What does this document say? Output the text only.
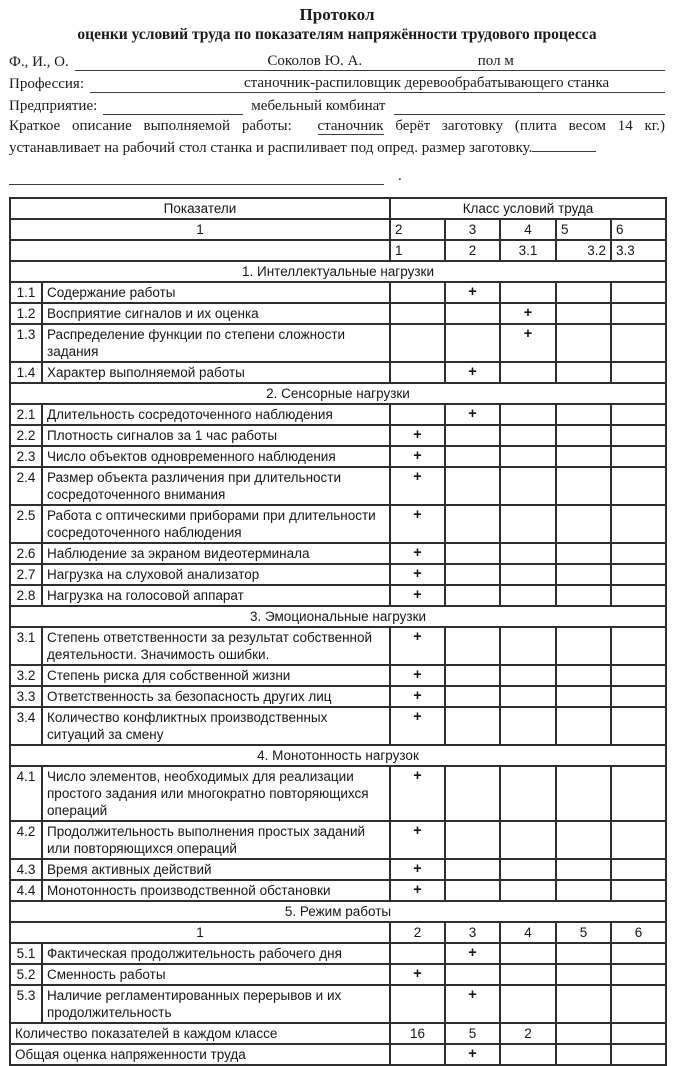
Протокол
оценки условий труда по показателям напряжённости трудового процесса
Ф., И., О.	Соколов Ю. А.	пол м
Профессия:	станочник-распиловщик деревообрабатывающего станка
Предприятие:	мебельный комбинат

Краткое описание выполняемой работы: станочник берёт заготовку (плита весом 14 кг.) устанавливает на рабочий стол станка и распиливает под опред. размер заготовку.

.
Показатели		Класс условий труда				
1		2	3	4	5	6
		1	2	3.1	3.2	3.3
1. Интеллектуальные нагрузки						
1.1	Содержание работы		+			
1.2	Восприятие сигналов и их оценка			+		
1.3	Распределение функции по степени сложности задания			+		
1.4	Характер выполняемой работы		+			
2. Сенсорные нагрузки						
2.1	Длительность сосредоточенного наблюдения		+			
2.2	Плотность сигналов за 1 час работы	+				
2.3	Число объектов одновременного наблюдения	+				
2.4	Размер объекта различения при длительности сосредоточенного внимания	+				
2.5	Работа с оптическими приборами при длительности сосредоточенного наблюдения	+				
2.6	Наблюдение за экраном видеотерминала	+				
2.7	Нагрузка на слуховой анализатор	+				
2.8	Нагрузка на голосовой аппарат	+				
3. Эмоциональные нагрузки						
3.1	Степень ответственности за результат собственной деятельности. Значимость ошибки.	+				
3.2	Степень риска для собственной жизни	+				
3.3	Ответственность за безопасность других лиц	+				
3.4	Количество конфликтных производственных ситуаций за смену	+				
4. Монотонность нагрузок						
4.1	Число элементов, необходимых для реализации простого задания или многократно повторяющихся операций	+				
4.2	Продолжительность выполнения простых заданий или повторяющихся операций	+				
4.3	Время активных действий	+				
4.4	Монотонность производственной обстановки	+				
5. Режим работы						
1		2	3	4	5	6
5.1	Фактическая продолжительность рабочего дня		+			
5.2	Сменность работы	+				
5.3	Наличие регламентированных перерывов и их продолжительность		+			
Количество показателей в каждом классе		16	5	2		
Общая оценка напряженности труда			+			
